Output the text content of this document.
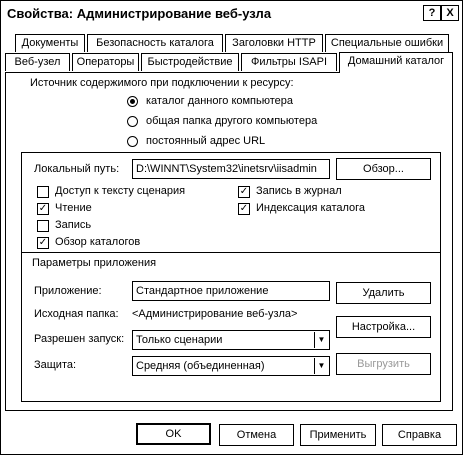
Свойства: Администрирование веб-узла	? X
Документы	Безопасность каталога	Заголовки HTTP	Специальные ошибки
Веб-узел	Операторы	Быстродействие	Фильтры ISAPI	Домашний каталог
Источник содержимого при подключении к ресурсу:
каталог данного компьютера
общая папка другого компьютера
постоянный адрес URL
Локальный путь:	D:\WINNT\System32\inetsrv\iisadmin	Обзор...
Доступ к тексту сценария
✓ Чтение
Запись
✓ Обзор каталогов
✓ Запись в журнал
✓ Индексация каталога
Параметры приложения
Приложение:	Стандартное приложение	Удалить
Исходная папка: <Администрирование веб-узла>
Настройка...
Разрешен запуск:	Только сценарии	▼
Защита:	Средняя (объединенная)	▼	Выгрузить
OK	Отмена	Применить	Справка
